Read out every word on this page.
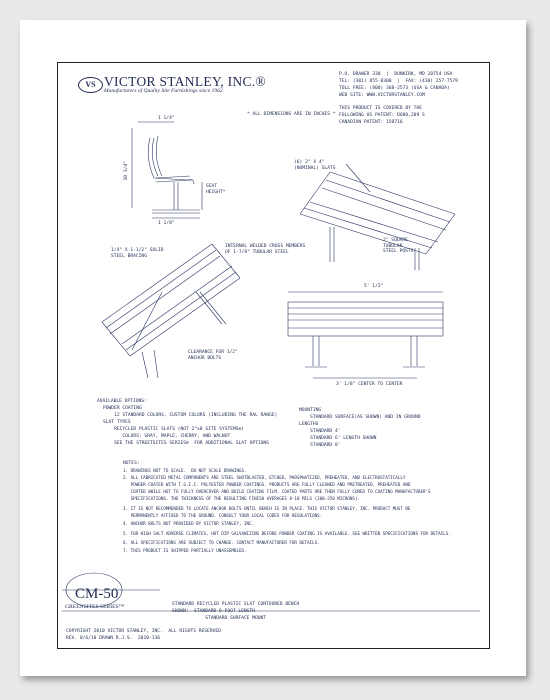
VS VICTOR STANLEY, INC.®
Manufacturers of Quality Site Furnishings since 1962.
P.O. DRAWER 330  |  DUNKIRK, MD 20754 USA
TEL: (301) 855-8300  |  FAX: (410) 257-7579
TOLL FREE: (800) 368-2573 (USA & CANADA)
WEB SITE: WWW.VICTORSTANLEY.COM
THIS PRODUCT IS COVERED BY THE
FOLLOWING US PATENT: D680,209 S
CANADIAN PATENT: 150716
* ALL DIMENSIONS ARE IN INCHES *
1 1/4"
30 3/4"
1 1/8"
SEAT
HEIGHT*
(6) 2" X 4"
(NOMINAL) SLATS
2" SQUARE
TUBULAR
STEEL POSTS
1/4" X 1-1/2" SOLID
STEEL BRACING
INTERNAL WELDED CROSS MEMBERS
OF 1-7/8" TUBULAR STEEL
CLEARANCE FOR 1/2"
ANCHOR BOLTS
5' 1/2"
3' 1/8" CENTER TO CENTER
AVAILABLE OPTIONS:
POWDER COATING
12 STANDARD COLORS, CUSTOM COLORS (INCLUDING THE RAL RANGE)
SLAT TYPES
RECYCLED PLASTIC SLATS (NOT 2"x8 SITE SYSTEMS®)
COLORS: GRAY, MAPLE, CHERRY, AND WALNUT
SEE THE STREETSITES SERIES®  FOR ADDITIONAL SLAT OPTIONS
MOUNTING
STANDARD SURFACE(AS SHOWN) AND IN GROUND
LENGTHS
STANDARD 4'
STANDARD 6' LENGTH SHOWN
STANDARD 8'
NOTES:
1. DRAWINGS NOT TO SCALE.  DO NOT SCALE DRAWINGS.
2. ALL FABRICATED METAL COMPONENTS ARE STEEL SHOTBLASTED, ETCHED, PHOSPHATIZED, PREHEATED, AND ELECTROSTATICALLY
POWDER-COATED WITH T.G.I.C. POLYESTER POWDER COATINGS. PRODUCTS ARE FULLY CLEANED AND PRETREATED, PREHEATED AND
COATED WHILE HOT TO FULLY OVERCOVER AND BUILD COATING FILM. COATED PARTS ARE THEN FULLY CURED TO COATING MANUFACTURER'S
SPECIFICATIONS. THE THICKNESS OF THE RESULTING FINISH AVERAGES 8-10 MILS (200-250 MICRONS).
3. IT IS NOT RECOMMENDED TO LOCATE ANCHOR BOLTS UNTIL BENCH IS IN PLACE. THIS VICTOR STANLEY, INC. PRODUCT MUST BE
PERMANENTLY AFFIXED TO THE GROUND. CONSULT YOUR LOCAL CODES FOR REGULATIONS.
4. ANCHOR BOLTS NOT PROVIDED BY VICTOR STANLEY, INC.
5. FOR HIGH SALT ADVERSE CLIMATES, HOT DIP GALVANIZING BEFORE POWDER COATING IS AVAILABLE. SEE WRITTEN SPECIFICATIONS FOR DETAILS.
6. ALL SPECIFICATIONS ARE SUBJECT TO CHANGE. CONTACT MANUFACTURER FOR DETAILS.
7. THIS PRODUCT IS SHIPPED PARTIALLY UNASSEMBLED.
CM-50
GREENSITES SERIES™	STANDARD RECYCLED PLASTIC SLAT CONTOURED BENCH
SHOWN:  STANDARD 6-FOOT LENGTH
STANDARD SURFACE MOUNT
COPYRIGHT 2010 VICTOR STANLEY, INC.  ALL RIGHTS RESERVED
REV. 8/6/10 DRAWN R.J.S.  2010-136
